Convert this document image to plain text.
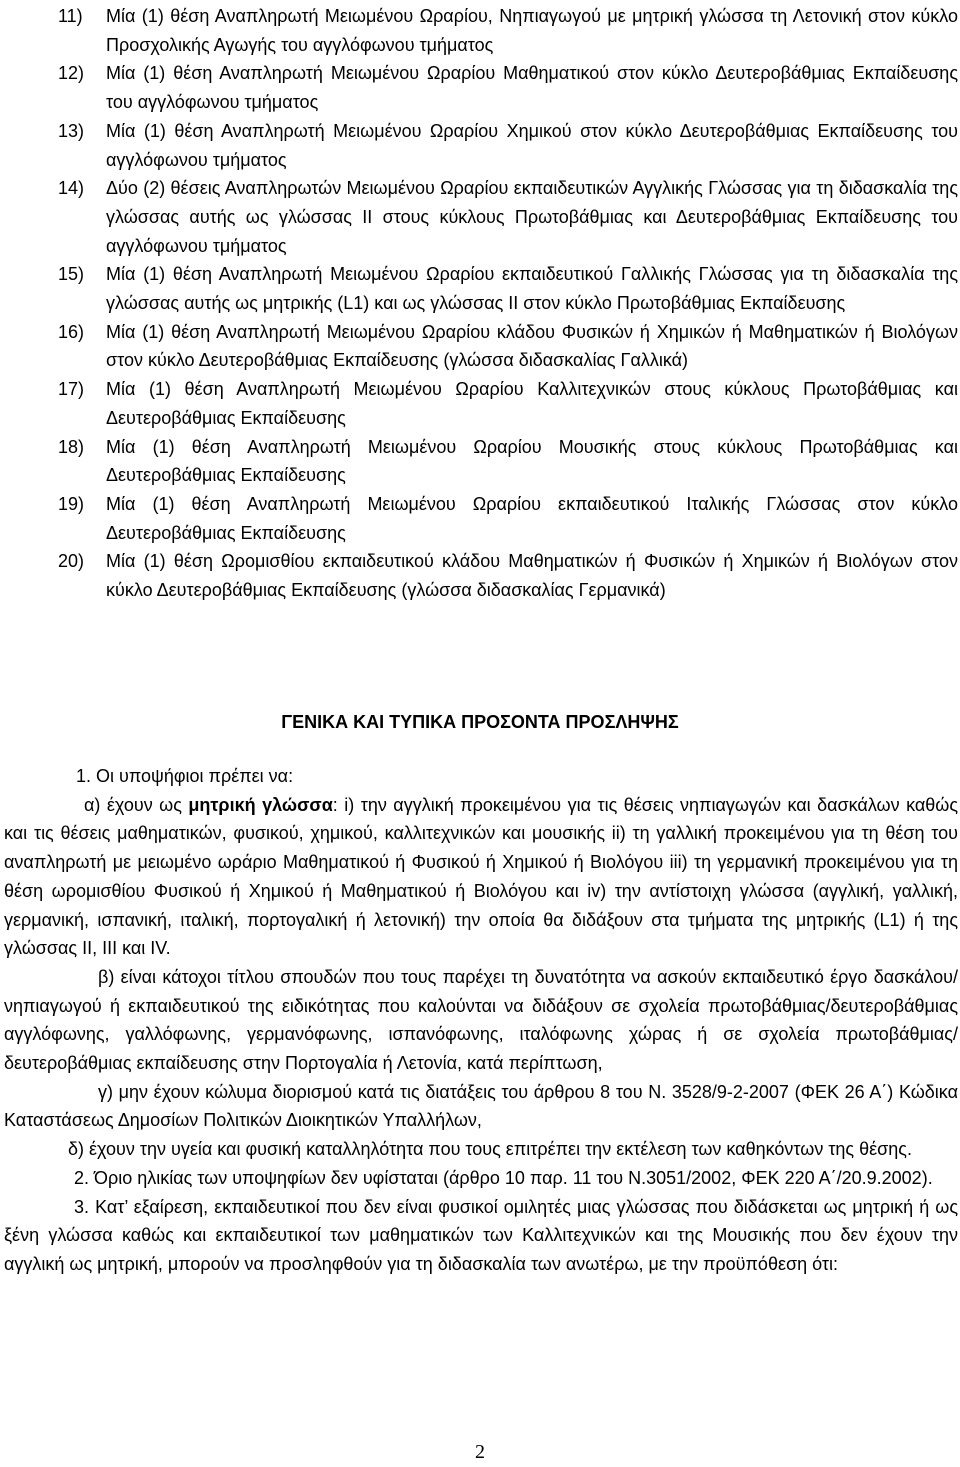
11)	Μία (1) θέση Αναπληρωτή Μειωμένου Ωραρίου, Νηπιαγωγού με μητρική γλώσσα τη Λετονική στον κύκλο Προσχολικής Αγωγής του αγγλόφωνου τμήματος
12)	Μία (1) θέση Αναπληρωτή Μειωμένου Ωραρίου Μαθηματικού στον κύκλο Δευτεροβάθμιας Εκπαίδευσης του αγγλόφωνου τμήματος
13)	Μία (1) θέση Αναπληρωτή Μειωμένου Ωραρίου Χημικού στον κύκλο Δευτεροβάθμιας Εκπαίδευσης του αγγλόφωνου τμήματος
14)	Δύο (2) θέσεις Αναπληρωτών Μειωμένου Ωραρίου εκπαιδευτικών Αγγλικής Γλώσσας για τη διδασκαλία της γλώσσας αυτής ως γλώσσας ΙΙ στους κύκλους Πρωτοβάθμιας και Δευτεροβάθμιας Εκπαίδευσης του αγγλόφωνου τμήματος
15)	Μία (1) θέση Αναπληρωτή Μειωμένου Ωραρίου εκπαιδευτικού Γαλλικής Γλώσσας για τη διδασκαλία της γλώσσας αυτής ως μητρικής (L1) και ως γλώσσας ΙΙ στον κύκλο Πρωτοβάθμιας Εκπαίδευσης
16)	Μία (1) θέση Αναπληρωτή Μειωμένου Ωραρίου κλάδου Φυσικών ή Χημικών ή Μαθηματικών ή Βιολόγων στον κύκλο Δευτεροβάθμιας Εκπαίδευσης (γλώσσα διδασκαλίας Γαλλικά)
17)	Μία (1) θέση Αναπληρωτή Μειωμένου Ωραρίου Καλλιτεχνικών στους κύκλους Πρωτοβάθμιας και Δευτεροβάθμιας Εκπαίδευσης
18)	Μία (1) θέση Αναπληρωτή Μειωμένου Ωραρίου Μουσικής στους κύκλους Πρωτοβάθμιας και Δευτεροβάθμιας Εκπαίδευσης
19)	Μία (1) θέση Αναπληρωτή Μειωμένου Ωραρίου εκπαιδευτικού Ιταλικής Γλώσσας στον κύκλο Δευτεροβάθμιας Εκπαίδευσης
20)	Μία (1) θέση Ωρομισθίου εκπαιδευτικού κλάδου Μαθηματικών ή Φυσικών ή Χημικών ή Βιολόγων στον κύκλο Δευτεροβάθμιας Εκπαίδευσης (γλώσσα διδασκαλίας Γερμανικά)
ΓΕΝΙΚΑ ΚΑΙ ΤΥΠΙΚΑ ΠΡΟΣΟΝΤΑ ΠΡΟΣΛΗΨΗΣ

1. Οι υποψήφιοι πρέπει να:

α) έχουν ως μητρική γλώσσα: i) την αγγλική προκειμένου για τις θέσεις νηπιαγωγών και δασκάλων καθώς και τις θέσεις μαθηματικών, φυσικού, χημικού, καλλιτεχνικών και μουσικής ii) τη γαλλική προκειμένου για τη θέση του αναπληρωτή με μειωμένο ωράριο Μαθηματικού ή Φυσικού ή Χημικού ή Βιολόγου iii) τη γερμανική προκειμένου για τη θέση ωρομισθίου Φυσικού ή Χημικού ή Μαθηματικού ή Βιολόγου και iv) την αντίστοιχη γλώσσα (αγγλική, γαλλική, γερμανική, ισπανική, ιταλική, πορτογαλική ή λετονική) την οποία θα διδάξουν στα τμήματα της μητρικής (L1) ή της γλώσσας II, III και IV.

β) είναι κάτοχοι τίτλου σπουδών που τους παρέχει τη δυνατότητα να ασκούν εκπαιδευτικό έργο δασκάλου/νηπιαγωγού ή εκπαιδευτικού της ειδικότητας που καλούνται να διδάξουν σε σχολεία πρωτοβάθμιας/δευτεροβάθμιας αγγλόφωνης, γαλλόφωνης, γερμανόφωνης, ισπανόφωνης, ιταλόφωνης χώρας ή σε σχολεία πρωτοβάθμιας/δευτεροβάθμιας εκπαίδευσης στην Πορτογαλία ή Λετονία, κατά περίπτωση,

γ) μην έχουν κώλυμα διορισμού κατά τις διατάξεις του άρθρου 8 του Ν. 3528/9-2-2007 (ΦΕΚ 26 Α΄) Κώδικα Καταστάσεως Δημοσίων Πολιτικών Διοικητικών Υπαλλήλων,

δ) έχουν την υγεία και φυσική καταλληλότητα που τους επιτρέπει την εκτέλεση των καθηκόντων της θέσης.

2. Όριο ηλικίας των υποψηφίων δεν υφίσταται (άρθρο 10 παρ. 11 του Ν.3051/2002, ΦΕΚ 220 Α΄/20.9.2002).

3. Κατ’ εξαίρεση, εκπαιδευτικοί που δεν είναι φυσικοί ομιλητές μιας γλώσσας που διδάσκεται ως μητρική ή ως ξένη γλώσσα καθώς και εκπαιδευτικοί των μαθηματικών των Καλλιτεχνικών και της Μουσικής που δεν έχουν την αγγλική ως μητρική, μπορούν να προσληφθούν για τη διδασκαλία των ανωτέρω, με την προϋπόθεση ότι:

2
